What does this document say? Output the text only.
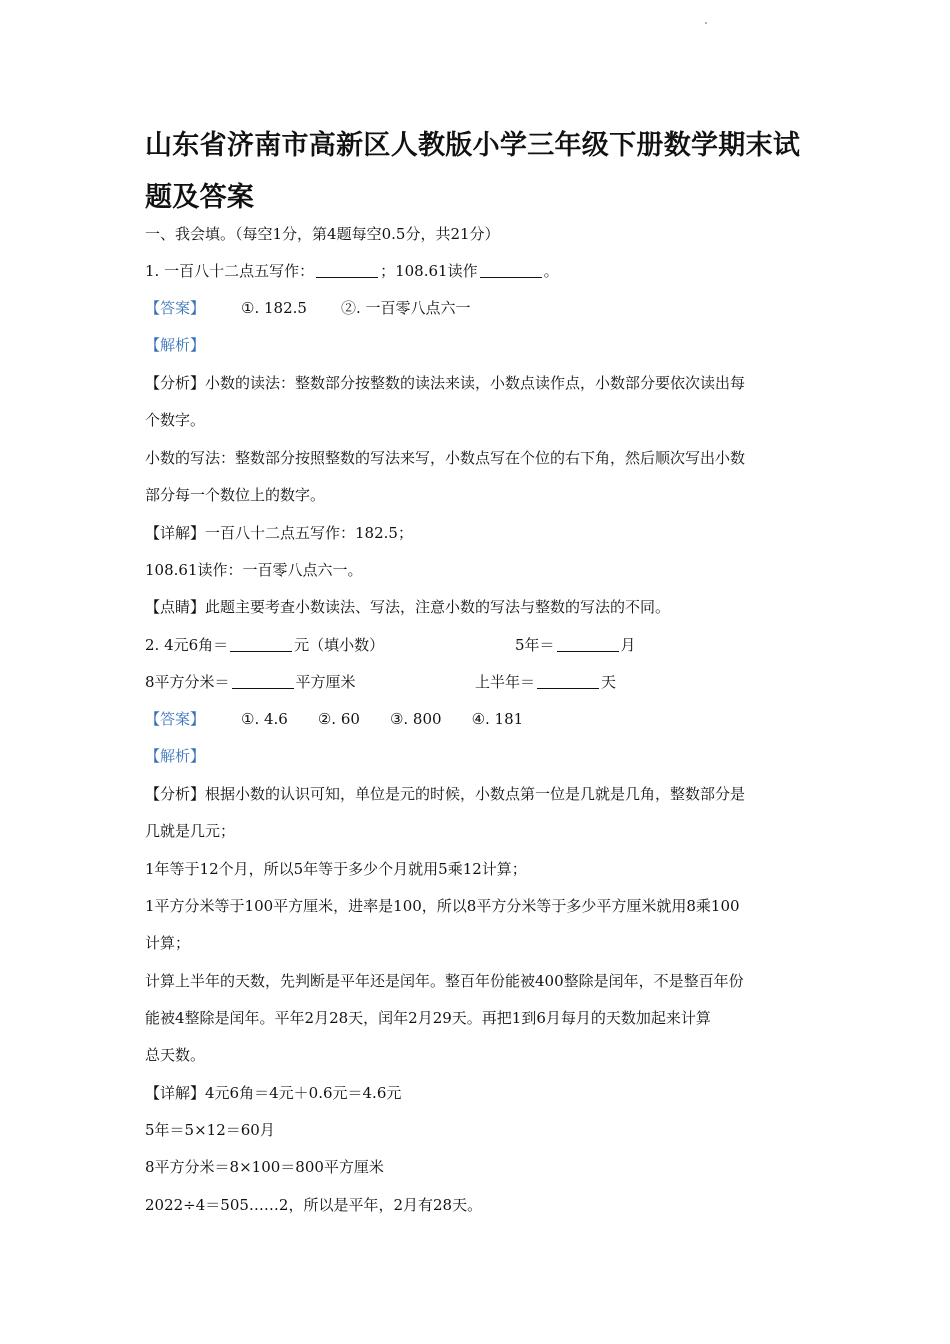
山东省济南市高新区人教版小学三年级下册数学期末试题及答案
一、我会填。（每空1分，第4题每空0.5分，共21分）
1. 一百八十二点五写作：	；108.61读作	。
【答案】 ①. 182.5 ②. 一百零八点六一
【解析】
【分析】小数的读法：整数部分按整数的读法来读，小数点读作点，小数部分要依次读出每
个数字。
小数的写法：整数部分按照整数的写法来写，小数点写在个位的右下角，然后顺次写出小数
部分每一个数位上的数字。
【详解】一百八十二点五写作：182.5；
108.61读作：一百零八点六一。
【点睛】此题主要考查小数读法、写法，注意小数的写法与整数的写法的不同。
2. 4元6角＝	元（填小数）	5年＝	月
8平方分米＝	平方厘米	上半年＝	天
【答案】 ①. 4.6 ②. 60 ③. 800 ④. 181
【解析】
【分析】根据小数的认识可知，单位是元的时候，小数点第一位是几就是几角，整数部分是
几就是几元；
1年等于12个月，所以5年等于多少个月就用5乘12计算；
1平方分米等于100平方厘米，进率是100，所以8平方分米等于多少平方厘米就用8乘100
计算；
计算上半年的天数，先判断是平年还是闰年。整百年份能被400整除是闰年，不是整百年份
能被4整除是闰年。平年2月28天，闰年2月29天。再把1到6月每月的天数加起来计算
总天数。
【详解】4元6角＝4元＋0.6元＝4.6元
5年＝5×12＝60月
8平方分米＝8×100＝800平方厘米
2022÷4＝505……2，所以是平年，2月有28天。
